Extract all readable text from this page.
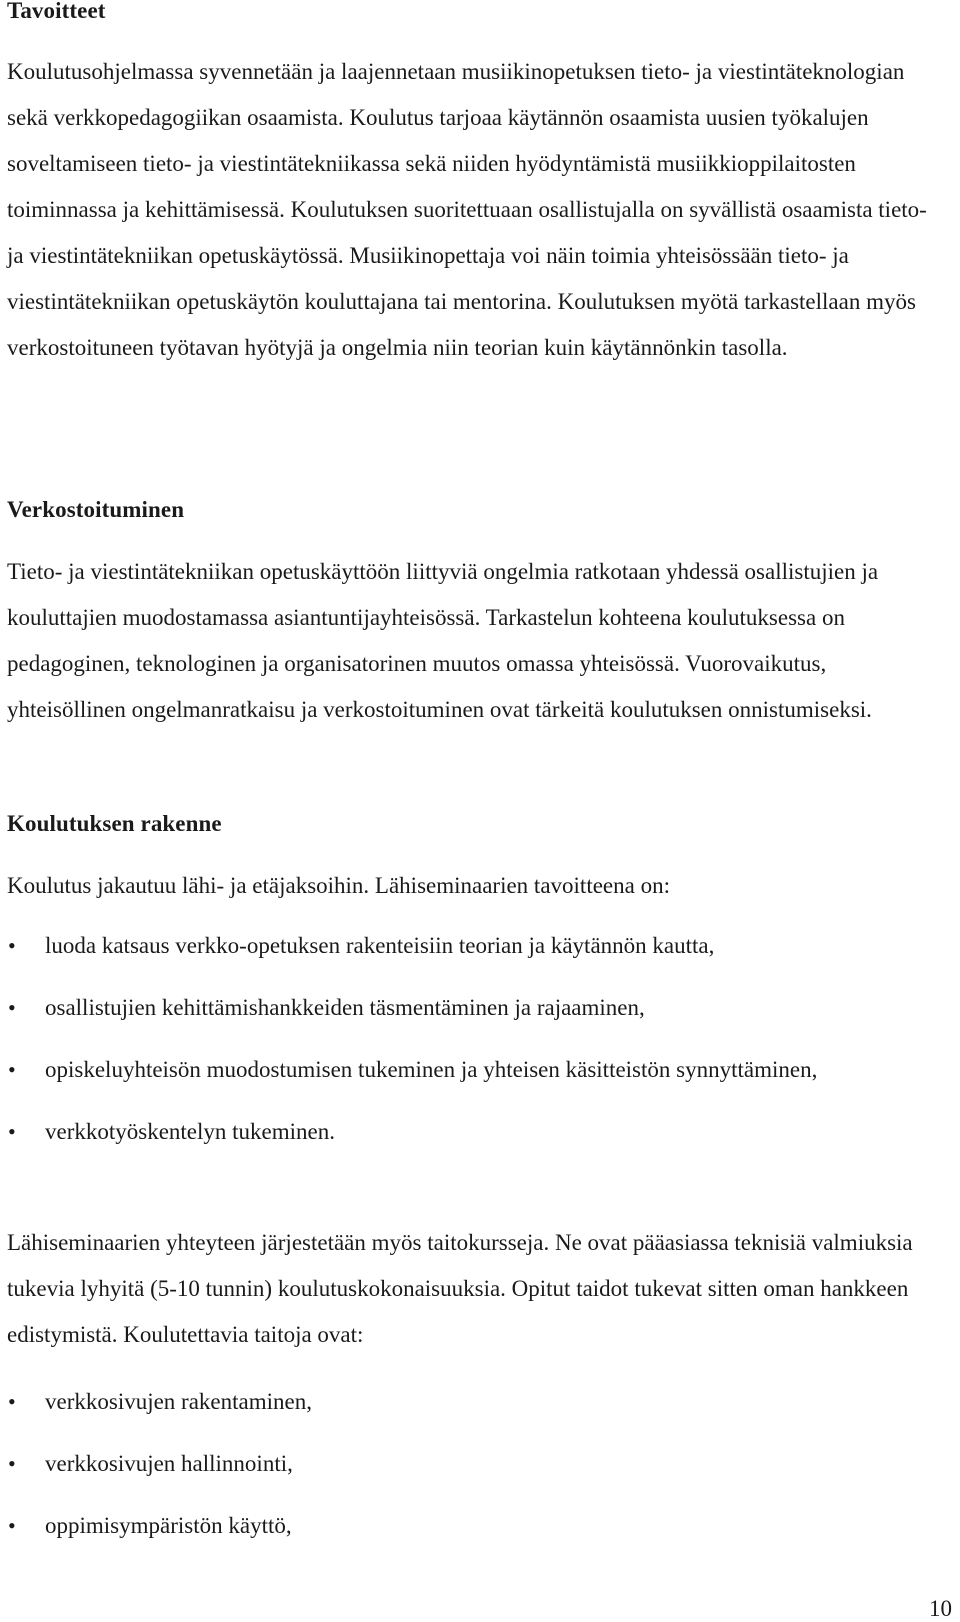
Tavoitteet

Koulutusohjelmassa syvennetään ja laajennetaan musiikinopetuksen tieto- ja viestintäteknologian sekä verkkopedagogiikan osaamista. Koulutus tarjoaa käytännön osaamista uusien työkalujen soveltamiseen tieto- ja viestintätekniikassa sekä niiden hyödyntämistä musiikkioppilaitosten toiminnassa ja kehittämisessä. Koulutuksen suoritettuaan osallistujalla on syvällistä osaamista tieto- ja viestintätekniikan opetuskäytössä. Musiikinopettaja voi näin toimia yhteisössään tieto- ja viestintätekniikan opetuskäytön kouluttajana tai mentorina. Koulutuksen myötä tarkastellaan myös verkostoituneen työtavan hyötyjä ja ongelmia niin teorian kuin käytännönkin tasolla.

Verkostoituminen

Tieto- ja viestintätekniikan opetuskäyttöön liittyviä ongelmia ratkotaan yhdessä osallistujien ja kouluttajien muodostamassa asiantuntijayhteisössä. Tarkastelun kohteena koulutuksessa on pedagoginen, teknologinen ja organisatorinen muutos omassa yhteisössä. Vuorovaikutus, yhteisöllinen ongelmanratkaisu ja verkostoituminen ovat tärkeitä koulutuksen onnistumiseksi.

Koulutuksen rakenne

Koulutus jakautuu lähi- ja etäjaksoihin. Lähiseminaarien tavoitteena on:

• luoda katsaus verkko-opetuksen rakenteisiin teorian ja käytännön kautta,
• osallistujien kehittämishankkeiden täsmentäminen ja rajaaminen,
• opiskeluyhteisön muodostumisen tukeminen ja yhteisen käsitteistön synnyttäminen,
• verkkotyöskentelyn tukeminen.

Lähiseminaarien yhteyteen järjestetään myös taitokursseja. Ne ovat pääasiassa teknisiä valmiuksia tukevia lyhyitä (5-10 tunnin) koulutuskokonaisuuksia. Opitut taidot tukevat sitten oman hankkeen edistymistä. Koulutettavia taitoja ovat:

• verkkosivujen rakentaminen,
• verkkosivujen hallinnointi,
• oppimisympäristön käyttö,
10
